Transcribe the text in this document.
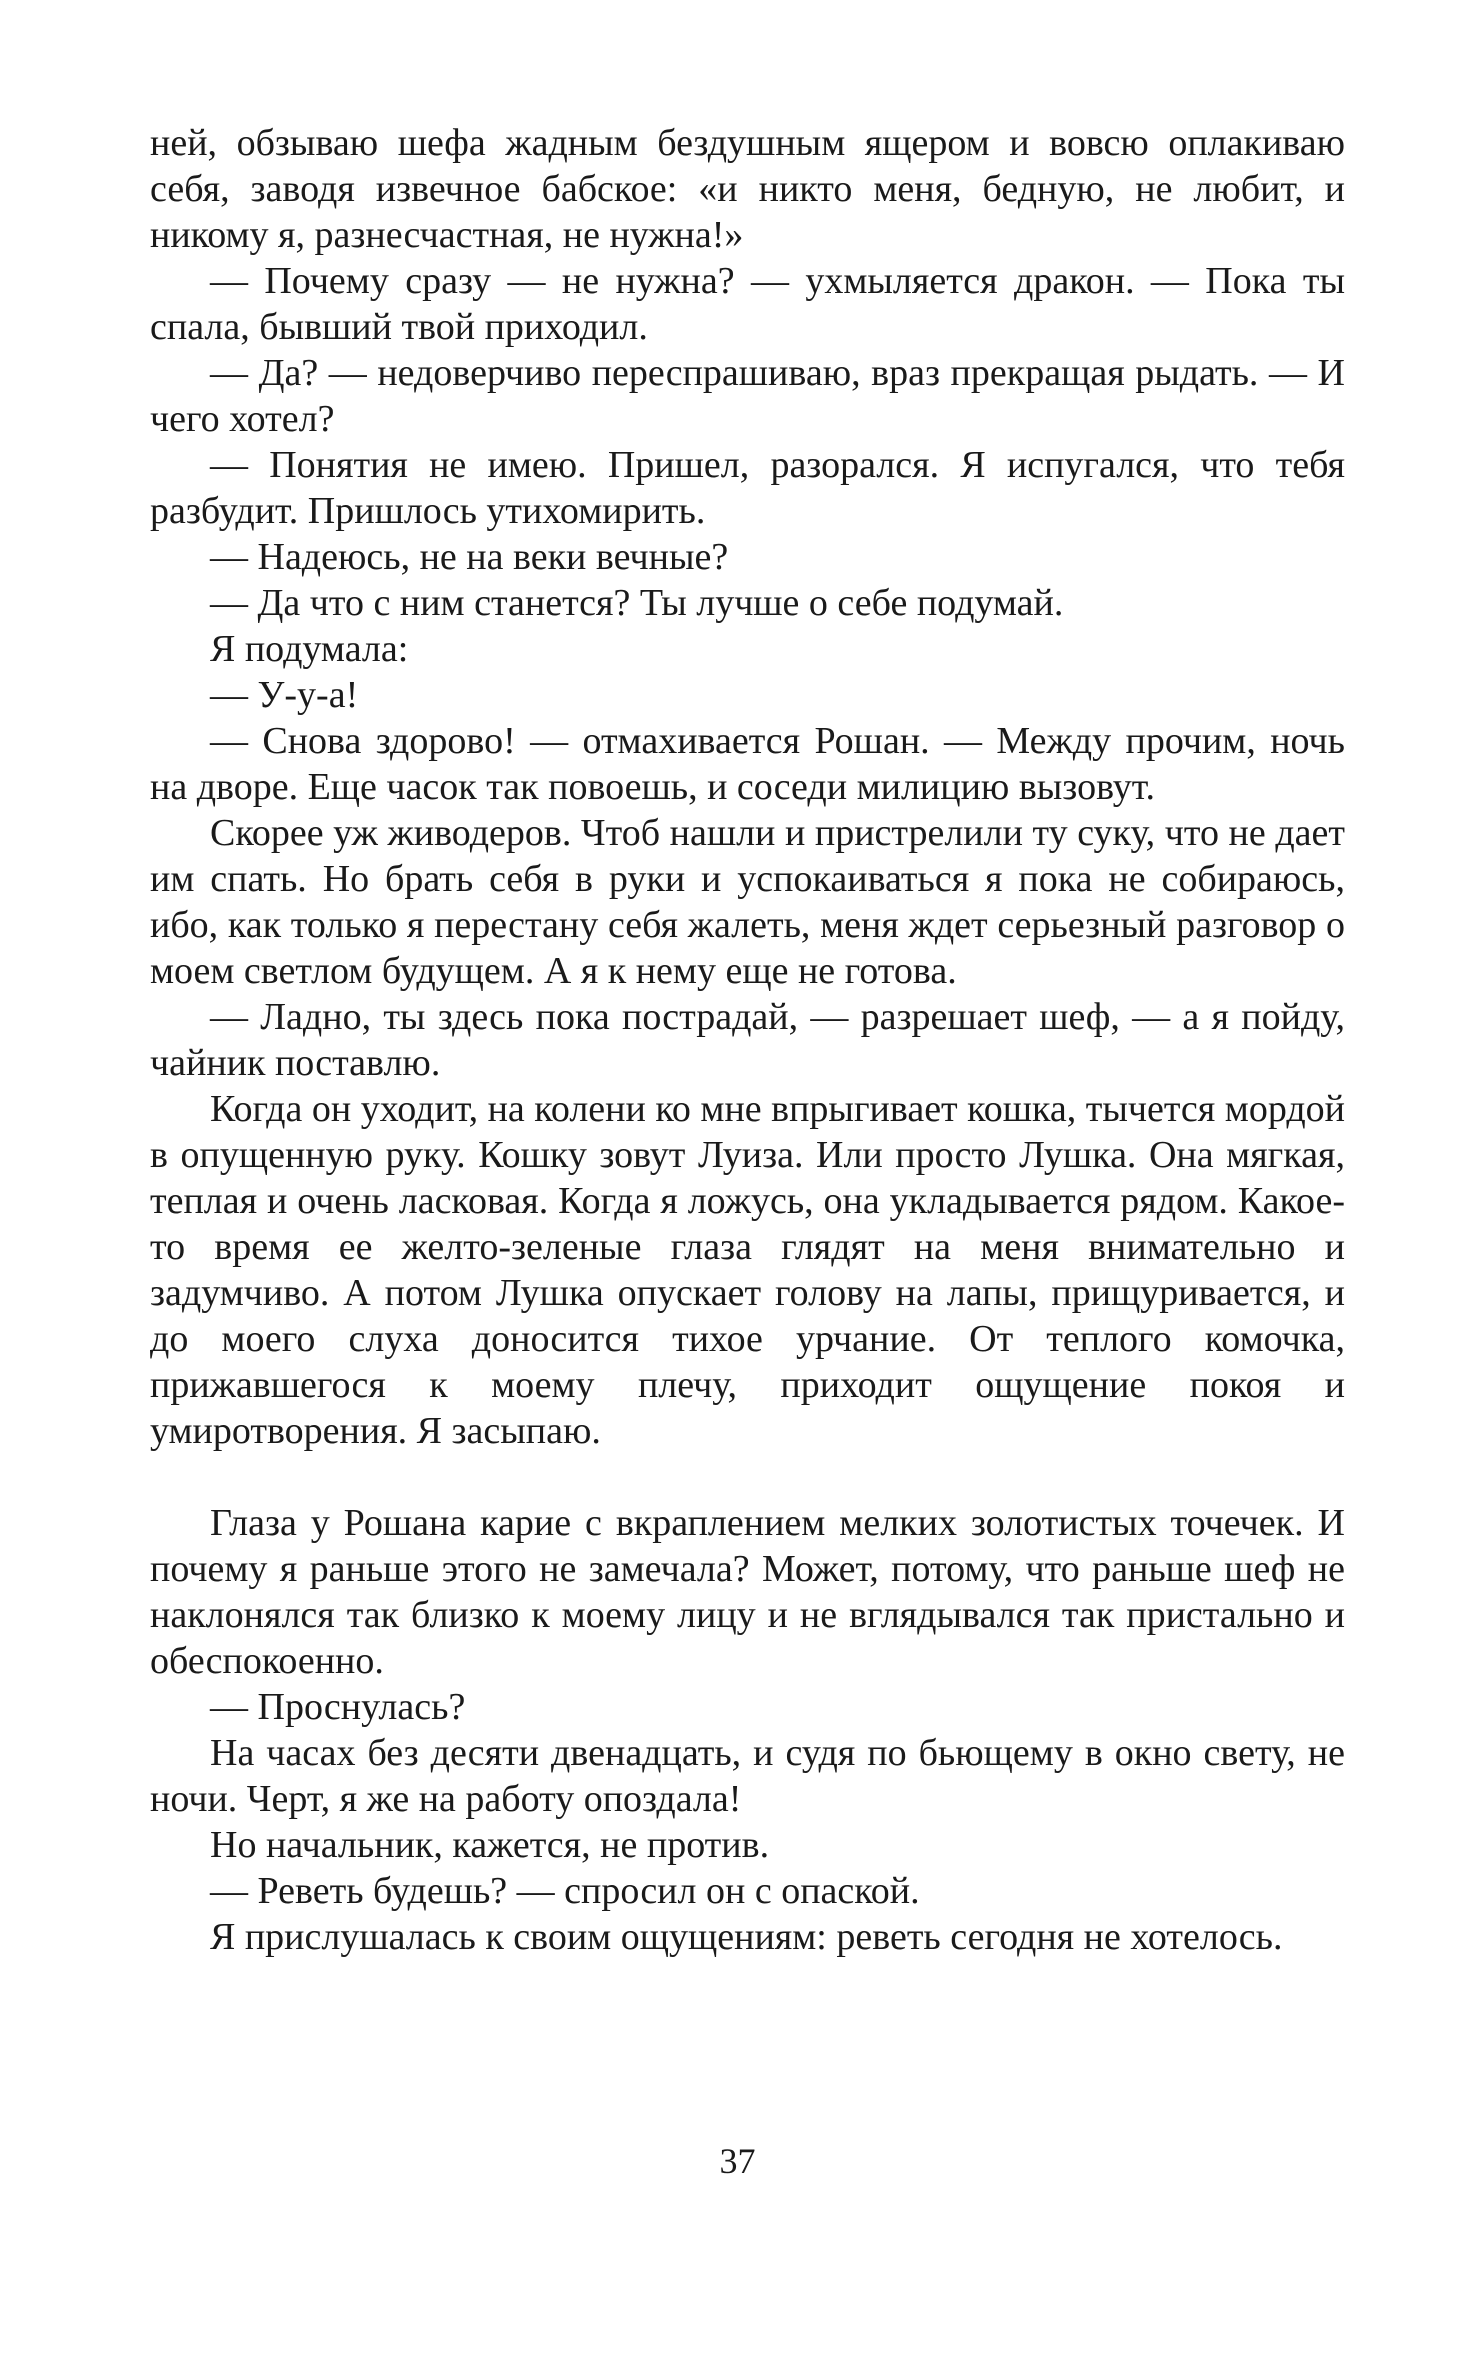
ней, обзываю шефа жадным бездушным ящером и вовсю оплакиваю себя, заводя извечное бабское: «и никто меня, бедную, не любит, и никому я, разнесчастная, не нужна!»

— Почему сразу — не нужна? — ухмыляется дракон. — Пока ты спала, бывший твой приходил.

— Да? — недоверчиво переспрашиваю, враз прекращая рыдать. — И чего хотел?

— Понятия не имею. Пришел, разорался. Я испугался, что тебя разбудит. Пришлось утихомирить.

— Надеюсь, не на веки вечные?

— Да что с ним станется? Ты лучше о себе подумай.

Я подумала:

— У-у-а!

— Снова здорово! — отмахивается Рошан. — Между прочим, ночь на дворе. Еще часок так повоешь, и соседи милицию вызовут.

Скорее уж живодеров. Чтоб нашли и пристрелили ту суку, что не дает им спать. Но брать себя в руки и успокаиваться я пока не собираюсь, ибо, как только я перестану себя жалеть, меня ждет серьезный разговор о моем светлом будущем. А я к нему еще не готова.

— Ладно, ты здесь пока пострадай, — разрешает шеф, — а я пойду, чайник поставлю.

Когда он уходит, на колени ко мне впрыгивает кошка, тычется мордой в опущенную руку. Кошку зовут Луиза. Или просто Лушка. Она мягкая, теплая и очень ласковая. Когда я ложусь, она укладывается рядом. Какое-то время ее желто-зеленые глаза глядят на меня внимательно и задумчиво. А потом Лушка опускает голову на лапы, прищуривается, и до моего слуха доносится тихое урчание. От теплого комочка, прижавшегося к моему плечу, приходит ощущение покоя и умиротворения. Я засыпаю.

Глаза у Рошана карие с вкраплением мелких золотистых точечек. И почему я раньше этого не замечала? Может, потому, что раньше шеф не наклонялся так близко к моему лицу и не вглядывался так пристально и обеспокоенно.

— Проснулась?

На часах без десяти двенадцать, и судя по бьющему в окно свету, не ночи. Черт, я же на работу опоздала!

Но начальник, кажется, не против.

— Реветь будешь? — спросил он с опаской.

Я прислушалась к своим ощущениям: реветь сегодня не хотелось.

37
